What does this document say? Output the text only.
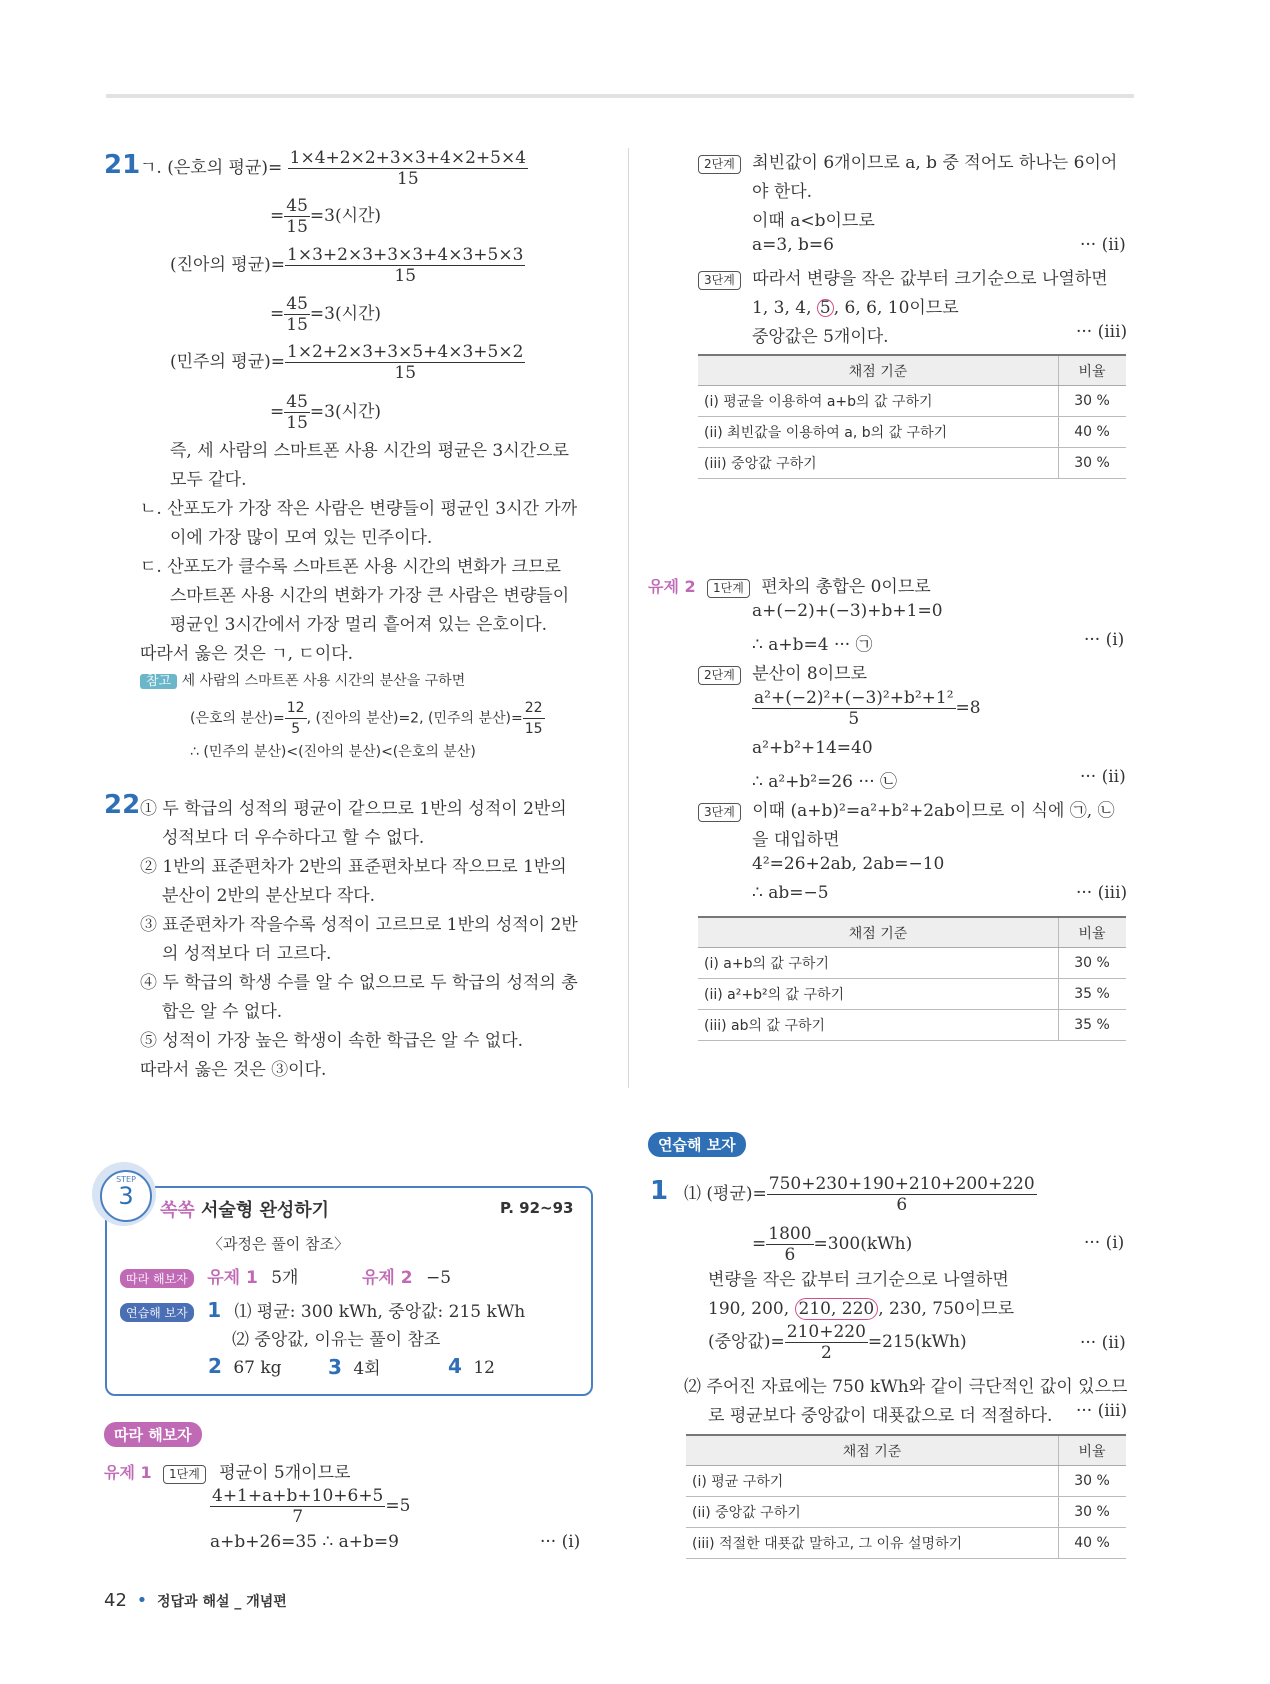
21 ㄱ. (은호의 평균)= $\frac{1\times 4+2\times 2+3\times 3+4\times 2+5\times 4}{15}$
= $\frac{45}{15} =3$(시간)
(진아의 평균)= $\frac{1\times 3+2\times 3+3\times 3+4\times 3+5\times 3}{15}$
= $\frac{45}{15} =3$(시간)
(민주의 평균)= $\frac{1\times 2+2\times 3+3\times 5+4\times 3+5\times 2}{15}$
= $\frac{45}{15} =3$(시간)
즉, 세 사람의 스마트폰 사용 시간의 평균은 3시간으로
모두 같다.
ㄴ. 산포도가 가장 작은 사람은 변량들이 평균인 3시간 가까
이에 가장 많이 모여 있는 민주이다.
ㄷ. 산포도가 클수록 스마트폰 사용 시간의 변화가 크므로
스마트폰 사용 시간의 변화가 가장 큰 사람은 변량들이
평균인 3시간에서 가장 멀리 흩어져 있는 은호이다.
따라서 옳은 것은 ㄱ, ㄷ이다.
참고 세 사람의 스마트폰 사용 시간의 분산을 구하면
(은호의 분산)= $\frac{12}{5}$ , (진아의 분산)=2, (민주의 분산)= $\frac{22}{15}$
∴ (민주의 분산)<(진아의 분산)<(은호의 분산)
22 ① 두 학급의 성적의 평균이 같으므로 1반의 성적이 2반의
성적보다 더 우수하다고 할 수 없다.
② 1반의 표준편차가 2반의 표준편차보다 작으므로 1반의
분산이 2반의 분산보다 작다.
③ 표준편차가 작을수록 성적이 고르므로 1반의 성적이 2반
의 성적보다 더 고르다.
④ 두 학급의 학생 수를 알 수 없으므로 두 학급의 성적의 총
합은 알 수 없다.
⑤ 성적이 가장 높은 학생이 속한 학급은 알 수 없다.
따라서 옳은 것은 ③이다.
STEP
3
쏙쏙 서술형 완성하기	P. 92~93
〈과정은 풀이 참조〉
따라 해보자 유제 1 5개	유제 2 −5
연습해 보자 1 ⑴ 평균: 300 kWh, 중앙값: 215 kWh
⑵ 중앙값, 이유는 풀이 참조
2 67 kg 3 4회	4 12
따라 해보자
유제 1 1단계 평균이 5개이므로
$\frac{4+1+a+b+10+6+5}{7} =5$
a+b+26=35 ∴ a+b=9	··· (i)
2단계 최빈값이 6개이므로 a, b 중 적어도 하나는 6이어
야 한다.
이때 a<b이므로
a=3, b=6	··· (ii)
3단계 따라서 변량을 작은 값부터 크기순으로 나열하면
1, 3, 4, 5 , 6, 6, 10이므로
중앙값은 5개이다.	··· (iii)
채점 기준	비율
(i) 평균을 이용하여 a+b의 값 구하기	30 %
(ii) 최빈값을 이용하여 a, b의 값 구하기	40 %
(iii) 중앙값 구하기	30 %
유제 2 1단계 편차의 총합은 0이므로
a+(−2)+(−3)+b+1=0
∴ a+b=4 ··· ㉠	··· (i)
2단계 분산이 8이므로
$\frac{\text{a²+(−2)²+(−3)²+b²+1²}}{5} =8$
a²+b²+14=40
∴ a²+b²=26 ··· ㉡	··· (ii)
3단계 이때 (a+b)²=a²+b²+2ab이므로 이 식에 ㉠, ㉡
을 대입하면
4²=26+2ab, 2ab=−10
∴ ab=−5	··· (iii)
채점 기준	비율
(i) a+b의 값 구하기	30 %
(ii) a²+b²의 값 구하기	35 %
(iii) ab의 값 구하기	35 %
연습해 보자
1 ⑴ (평균)= $\frac{750+230+190+210+200+220}{6}$
= $\frac{1800}{6} =300(kWh)$	··· (i)
변량을 작은 값부터 크기순으로 나열하면
190, 200, 210, 220 , 230, 750이므로
(중앙값)= $\frac{210+220}{2} =215(kWh)$	··· (ii)
⑵ 주어진 자료에는 750 kWh와 같이 극단적인 값이 있으므
로 평균보다 중앙값이 대푯값으로 더 적절하다. ··· (iii)
채점 기준	비율
(i) 평균 구하기	30 %
(ii) 중앙값 구하기	30 %
(iii) 적절한 대푯값 말하고, 그 이유 설명하기	40 %
42 • 정답과 해설 _ 개념편
